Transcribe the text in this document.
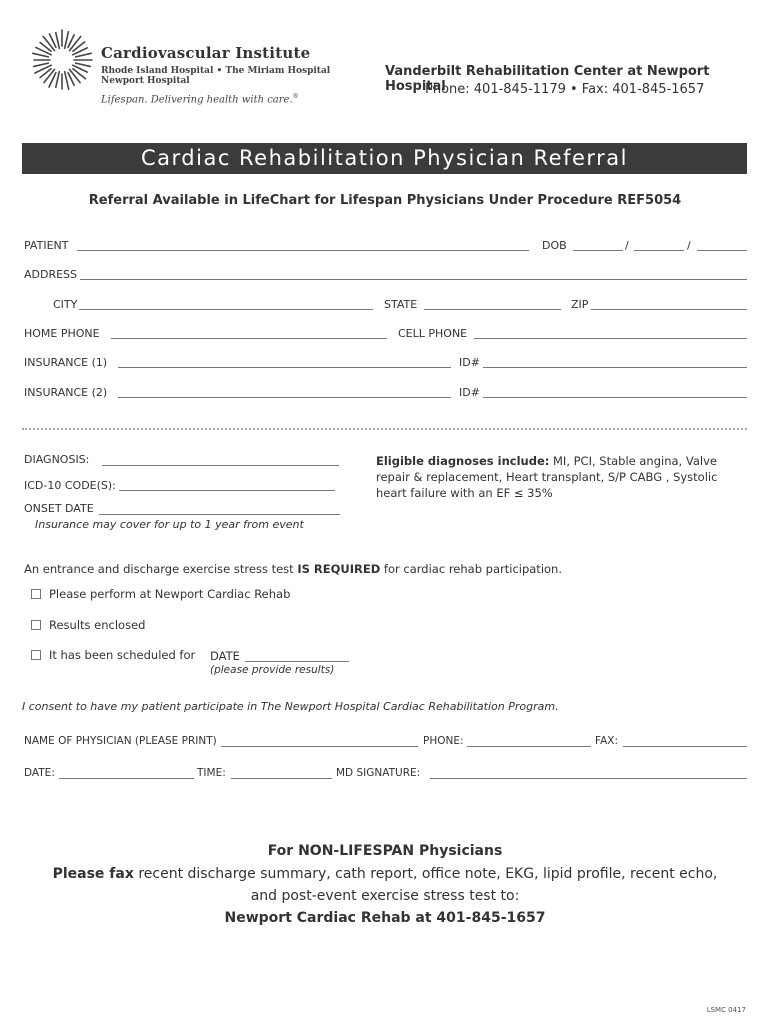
Cardiovascular Institute
Rhode Island Hospital • The Miriam Hospital
Newport Hospital
Lifespan. Delivering health with care.®
Vanderbilt Rehabilitation Center at Newport Hospital
Phone: 401-845-1179 • Fax: 401-845-1657
Cardiac Rehabilitation Physician Referral
Referral Available in LifeChart for Lifespan Physicians Under Procedure REF5054
PATIENT	DOB	/	/
ADDRESS
CITY	STATE	ZIP
HOME PHONE	CELL PHONE
INSURANCE (1)	ID#
INSURANCE (2)	ID#
DIAGNOSIS:
ICD-10 CODE(S):
ONSET DATE
Insurance may cover for up to 1 year from event
Eligible diagnoses include: MI, PCI, Stable angina, Valve repair & replacement, Heart transplant, S/P CABG , Systolic heart failure with an EF ≤ 35%
An entrance and discharge exercise stress test IS REQUIRED for cardiac rehab participation.
Please perform at Newport Cardiac Rehab
Results enclosed
It has been scheduled for DATE
(please provide results)
I consent to have my patient participate in The Newport Hospital Cardiac Rehabilitation Program.
NAME OF PHYSICIAN (PLEASE PRINT)	PHONE:	FAX:
DATE:	TIME:	MD SIGNATURE:
For NON-LIFESPAN Physicians
Please fax recent discharge summary, cath report, office note, EKG, lipid profile, recent echo,
and post-event exercise stress test to:
Newport Cardiac Rehab at 401-845-1657
LSMC 0417
